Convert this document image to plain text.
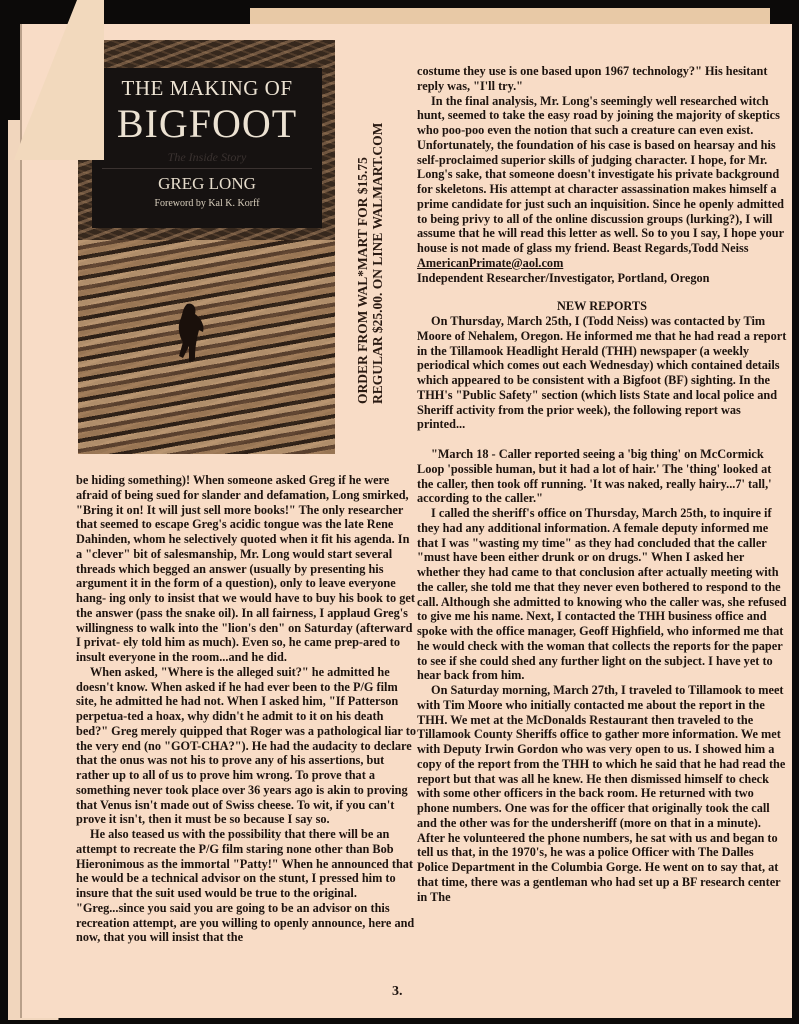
THE MAKING OF
BIGFOOT
The Inside Story
GREG LONG
Foreword by Kal K. Korff	ORDER FROM WAL*MART FOR $15.75 REGULAR $25.00. ON LINE WALMART.COM

be hiding something)! When someone asked Greg if he were afraid of being sued for slander and defamation, Long smirked, "Bring it on! It will just sell more books!" The only researcher that seemed to escape Greg's acidic tongue was the late Rene Dahinden, whom he selectively quoted when it fit his agenda. In a "clever" bit of salesmanship, Mr. Long would start several threads which begged an answer (usually by presenting his argument it in the form of a question), only to leave everyone hang- ing only to insist that we would have to buy his book to get the answer (pass the snake oil). In all fairness, I applaud Greg's willingness to walk into the "lion's den" on Saturday (afterward I privat- ely told him as much). Even so, he came prep-ared to insult everyone in the room...and he did.

When asked, "Where is the alleged suit?" he admitted he doesn't know. When asked if he had ever been to the P/G film site, he admitted he had not. When I asked him, "If Patterson perpetua-ted a hoax, why didn't he admit to it on his death bed?" Greg merely quipped that Roger was a pathological liar to the very end (no "GOT-CHA?"). He had the audacity to declare that the onus was not his to prove any of his assertions, but rather up to all of us to prove him wrong. To prove that a something never took place over 36 years ago is akin to proving that Venus isn't made out of Swiss cheese. To wit, if you can't prove it isn't, then it must be so because I say so.

He also teased us with the possibility that there will be an attempt to recreate the P/G film staring none other than Bob Hieronimous as the immortal "Patty!" When he announced that he would be a technical advisor on the stunt, I pressed him to insure that the suit used would be true to the original. "Greg...since you said you are going to be an advisor on this recreation attempt, are you willing to openly announce, here and now, that you will insist that the

costume they use is one based upon 1967 technology?" His hesitant reply was, "I'll try."

In the final analysis, Mr. Long's seemingly well researched witch hunt, seemed to take the easy road by joining the majority of skeptics who poo-poo even the notion that such a creature can even exist. Unfortunately, the foundation of his case is based on hearsay and his self-proclaimed superior skills of judging character. I hope, for Mr. Long's sake, that someone doesn't investigate his private background for skeletons. His attempt at character assassination makes himself a prime candidate for just such an inquisition. Since he openly admitted to being privy to all of the online discussion groups (lurking?), I will assume that he will read this letter as well. So to you I say, I hope your house is not made of glass my friend. Beast Regards,Todd Neiss AmericanPrimate@aol.com

Independent Researcher/Investigator, Portland, Oregon

NEW REPORTS

On Thursday, March 25th, I (Todd Neiss) was contacted by Tim Moore of Nehalem, Oregon. He informed me that he had read a report in the Tillamook Headlight Herald (THH) newspaper (a weekly periodical which comes out each Wednesday) which contained details which appeared to be consistent with a Bigfoot (BF) sighting. In the THH's "Public Safety" section (which lists State and local police and Sheriff activity from the prior week), the following report was printed...

"March 18 - Caller reported seeing a 'big thing' on McCormick Loop 'possible human, but it had a lot of hair.' The 'thing' looked at the caller, then took off running. 'It was naked, really hairy...7' tall,' according to the caller."

I called the sheriff's office on Thursday, March 25th, to inquire if they had any additional information. A female deputy informed me that I was "wasting my time" as they had concluded that the caller "must have been either drunk or on drugs." When I asked her whether they had came to that conclusion after actually meeting with the caller, she told me that they never even bothered to respond to the call. Although she admitted to knowing who the caller was, she refused to give me his name. Next, I contacted the THH business office and spoke with the office manager, Geoff Highfield, who informed me that he would check with the woman that collects the reports for the paper to see if she could shed any further light on the subject. I have yet to hear back from him.

On Saturday morning, March 27th, I traveled to Tillamook to meet with Tim Moore who initially contacted me about the report in the THH. We met at the McDonalds Restaurant then traveled to the Tillamook County Sheriffs office to gather more information. We met with Deputy Irwin Gordon who was very open to us. I showed him a copy of the report from the THH to which he said that he had read the report but that was all he knew. He then dismissed himself to check with some other officers in the back room. He returned with two phone numbers. One was for the officer that originally took the call and the other was for the undersheriff (more on that in a minute). After he volunteered the phone numbers, he sat with us and began to tell us that, in the 1970's, he was a police Officer with The Dalles Police Department in the Columbia Gorge. He went on to say that, at that time, there was a gentleman who had set up a BF research center in The

3.
